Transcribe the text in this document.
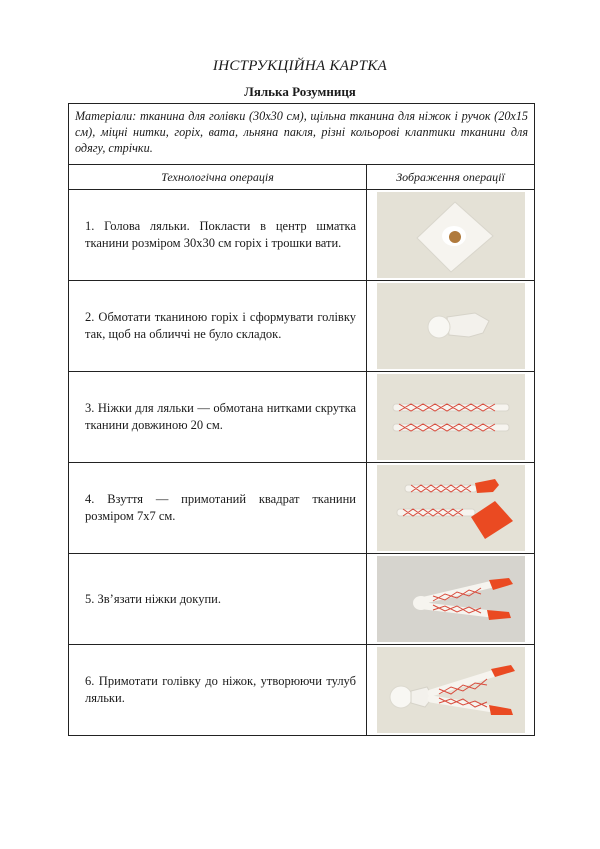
ІНСТРУКЦІЙНА КАРТКА
Лялька Розумниця
Матеріали: тканина для голівки (30х30 см), щільна тканина для ніжок і ручок (20х15 см), міцні нитки, горіх, вата, льняна пакля, різні кольорові клаптики тканини для одягу, стрічки.	
Технологічна операція	Зображення операції
1. Голова ляльки. Покласти в центр шматка тканини розміром 30х30 см горіх і трошки вати.	

2. Обмотати тканиною горіх і сформувати голівку так, щоб на обличчі не було складок.	

3. Ніжки для ляльки — обмотана нитками скрутка тканини довжиною 20 см.	

4. Взуття — примотаний квадрат тканини розміром 7х7 см.	

5. Зв’язати ніжки докупи.	

6. Примотати голівку до ніжок, утворюючи тулуб ляльки.	
